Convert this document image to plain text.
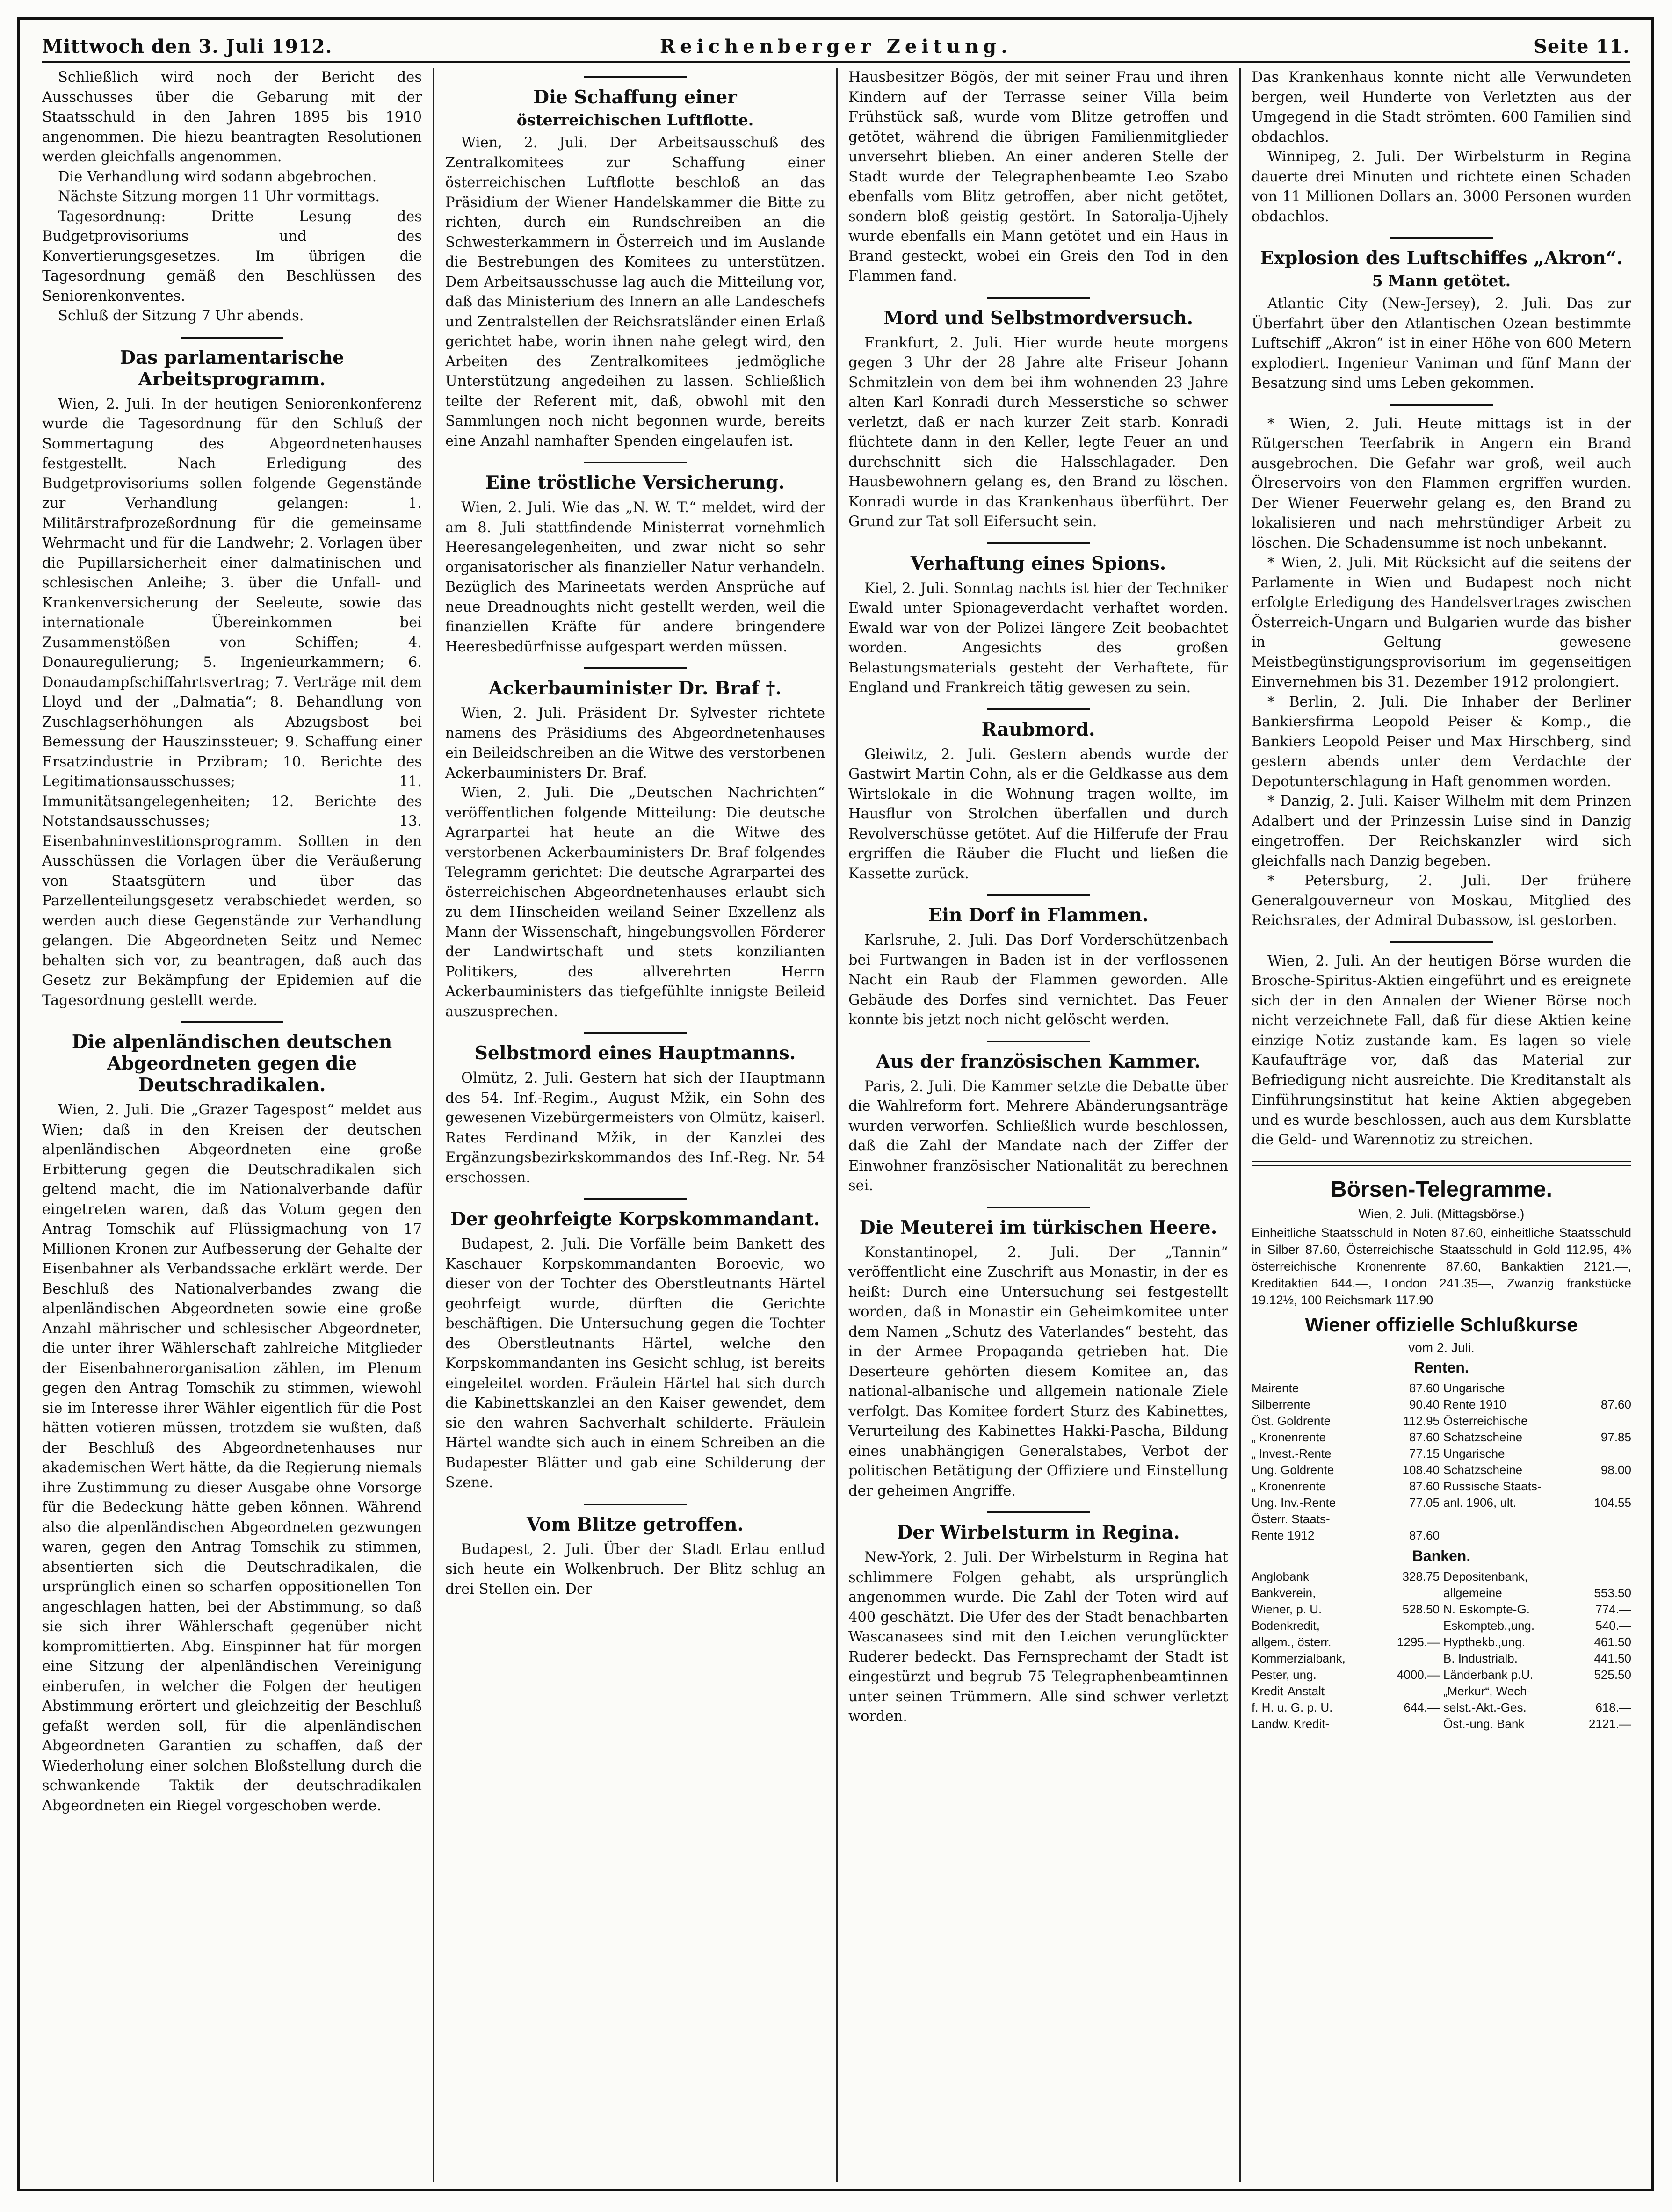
Mittwoch den 3. Juli 1912.	Reichenberger Zeitung.	Seite 11.

Schließlich wird noch der Bericht des Ausschusses über die Gebarung mit der Staatsschuld in den Jahren 1895 bis 1910 angenommen. Die hiezu beantragten Resolutionen werden gleichfalls angenommen.

Die Verhandlung wird sodann abgebrochen.

Nächste Sitzung morgen 11 Uhr vormittags.

Tagesordnung: Dritte Lesung des Budgetprovisoriums und des Konvertierungsgesetzes. Im übrigen die Tagesordnung gemäß den Beschlüssen des Seniorenkonventes.

Schluß der Sitzung 7 Uhr abends.

Das parlamentarische Arbeitsprogramm.

Wien, 2. Juli. In der heutigen Seniorenkonferenz wurde die Tagesordnung für den Schluß der Sommertagung des Abgeordnetenhauses festgestellt. Nach Erledigung des Budgetprovisoriums sollen folgende Gegenstände zur Verhandlung gelangen: 1. Militärstrafprozeßordnung für die gemeinsame Wehrmacht und für die Landwehr; 2. Vorlagen über die Pupillarsicherheit einer dalmatinischen und schlesischen Anleihe; 3. über die Unfall- und Krankenversicherung der Seeleute, sowie das internationale Übereinkommen bei Zusammenstößen von Schiffen; 4. Donauregulierung; 5. Ingenieurkammern; 6. Donaudampfschiffahrtsvertrag; 7. Verträge mit dem Lloyd und der „Dalmatia“; 8. Behandlung von Zuschlagserhöhungen als Abzugsbost bei Bemessung der Hauszinssteuer; 9. Schaffung einer Ersatzindustrie in Przibram; 10. Berichte des Legitimationsausschusses; 11. Immunitätsangelegenheiten; 12. Berichte des Notstandsausschusses; 13. Eisenbahninvestitionsprogramm. Sollten in den Ausschüssen die Vorlagen über die Veräußerung von Staatsgütern und über das Parzellenteilungsgesetz verabschiedet werden, so werden auch diese Gegenstände zur Verhandlung gelangen. Die Abgeordneten Seitz und Nemec behalten sich vor, zu beantragen, daß auch das Gesetz zur Bekämpfung der Epidemien auf die Tagesordnung gestellt werde.

Die alpenländischen deutschen Abgeordneten gegen die Deutschradikalen.

Wien, 2. Juli. Die „Grazer Tagespost“ meldet aus Wien; daß in den Kreisen der deutschen alpenländischen Abgeordneten eine große Erbitterung gegen die Deutschradikalen sich geltend macht, die im Nationalverbande dafür eingetreten waren, daß das Votum gegen den Antrag Tomschik auf Flüssigmachung von 17 Millionen Kronen zur Aufbesserung der Gehalte der Eisenbahner als Verbandssache erklärt werde. Der Beschluß des Nationalverbandes zwang die alpenländischen Abgeordneten sowie eine große Anzahl mährischer und schlesischer Abgeordneter, die unter ihrer Wählerschaft zahlreiche Mitglieder der Eisenbahnerorganisation zählen, im Plenum gegen den Antrag Tomschik zu stimmen, wiewohl sie im Interesse ihrer Wähler eigentlich für die Post hätten votieren müssen, trotzdem sie wußten, daß der Beschluß des Abgeordnetenhauses nur akademischen Wert hätte, da die Regierung niemals ihre Zustimmung zu dieser Ausgabe ohne Vorsorge für die Bedeckung hätte geben können. Während also die alpenländischen Abgeordneten gezwungen waren, gegen den Antrag Tomschik zu stimmen, absentierten sich die Deutschradikalen, die ursprünglich einen so scharfen oppositionellen Ton angeschlagen hatten, bei der Abstimmung, so daß sie sich ihrer Wählerschaft gegenüber nicht kompromittierten. Abg. Einspinner hat für morgen eine Sitzung der alpenländischen Vereinigung einberufen, in welcher die Folgen der heutigen Abstimmung erörtert und gleichzeitig der Beschluß gefaßt werden soll, für die alpenländischen Abgeordneten Garantien zu schaffen, daß der Wiederholung einer solchen Bloßstellung durch die schwankende Taktik der deutschradikalen Abgeordneten ein Riegel vorgeschoben werde.

Die Schaffung einer
österreichischen Luftflotte.

Wien, 2. Juli. Der Arbeitsausschuß des Zentralkomitees zur Schaffung einer österreichischen Luftflotte beschloß an das Präsidium der Wiener Handelskammer die Bitte zu richten, durch ein Rundschreiben an die Schwesterkammern in Österreich und im Auslande die Bestrebungen des Komitees zu unterstützen. Dem Arbeitsausschusse lag auch die Mitteilung vor, daß das Ministerium des Innern an alle Landeschefs und Zentralstellen der Reichsratsländer einen Erlaß gerichtet habe, worin ihnen nahe gelegt wird, den Arbeiten des Zentralkomitees jedmögliche Unterstützung angedeihen zu lassen. Schließlich teilte der Referent mit, daß, obwohl mit den Sammlungen noch nicht begonnen wurde, bereits eine Anzahl namhafter Spenden eingelaufen ist.

Eine tröstliche Versicherung.

Wien, 2. Juli. Wie das „N. W. T.“ meldet, wird der am 8. Juli stattfindende Ministerrat vornehmlich Heeresangelegenheiten, und zwar nicht so sehr organisatorischer als finanzieller Natur verhandeln. Bezüglich des Marineetats werden Ansprüche auf neue Dreadnoughts nicht gestellt werden, weil die finanziellen Kräfte für andere bringendere Heeresbedürfnisse aufgespart werden müssen.

Ackerbauminister Dr. Braf †.

Wien, 2. Juli. Präsident Dr. Sylvester richtete namens des Präsidiums des Abgeordnetenhauses ein Beileidschreiben an die Witwe des verstorbenen Ackerbauministers Dr. Braf.

Wien, 2. Juli. Die „Deutschen Nachrichten“ veröffentlichen folgende Mitteilung: Die deutsche Agrarpartei hat heute an die Witwe des verstorbenen Ackerbauministers Dr. Braf folgendes Telegramm gerichtet: Die deutsche Agrarpartei des österreichischen Abgeordnetenhauses erlaubt sich zu dem Hinscheiden weiland Seiner Exzellenz als Mann der Wissenschaft, hingebungsvollen Förderer der Landwirtschaft und stets konzilianten Politikers, des allverehrten Herrn Ackerbauministers das tiefgefühlte innigste Beileid auszusprechen.

Selbstmord eines Hauptmanns.

Olmütz, 2. Juli. Gestern hat sich der Hauptmann des 54. Inf.-Regim., August Mžik, ein Sohn des gewesenen Vizebürgermeisters von Olmütz, kaiserl. Rates Ferdinand Mžik, in der Kanzlei des Ergänzungsbezirkskommandos des Inf.-Reg. Nr. 54 erschossen.

Der geohrfeigte Korpskommandant.

Budapest, 2. Juli. Die Vorfälle beim Bankett des Kaschauer Korpskommandanten Boroevic, wo dieser von der Tochter des Oberstleutnants Härtel geohrfeigt wurde, dürften die Gerichte beschäftigen. Die Untersuchung gegen die Tochter des Oberstleutnants Härtel, welche den Korpskommandanten ins Gesicht schlug, ist bereits eingeleitet worden. Fräulein Härtel hat sich durch die Kabinettskanzlei an den Kaiser gewendet, dem sie den wahren Sachverhalt schilderte. Fräulein Härtel wandte sich auch in einem Schreiben an die Budapester Blätter und gab eine Schilderung der Szene.

Vom Blitze getroffen.

Budapest, 2. Juli. Über der Stadt Erlau entlud sich heute ein Wolkenbruch. Der Blitz schlug an drei Stellen ein. Der

Hausbesitzer Bögös, der mit seiner Frau und ihren Kindern auf der Terrasse seiner Villa beim Frühstück saß, wurde vom Blitze getroffen und getötet, während die übrigen Familienmitglieder unversehrt blieben. An einer anderen Stelle der Stadt wurde der Telegraphenbeamte Leo Szabo ebenfalls vom Blitz getroffen, aber nicht getötet, sondern bloß geistig gestört. In Satoralja-Ujhely wurde ebenfalls ein Mann getötet und ein Haus in Brand gesteckt, wobei ein Greis den Tod in den Flammen fand.

Mord und Selbstmordversuch.

Frankfurt, 2. Juli. Hier wurde heute morgens gegen 3 Uhr der 28 Jahre alte Friseur Johann Schmitzlein von dem bei ihm wohnenden 23 Jahre alten Karl Konradi durch Messerstiche so schwer verletzt, daß er nach kurzer Zeit starb. Konradi flüchtete dann in den Keller, legte Feuer an und durchschnitt sich die Halsschlagader. Den Hausbewohnern gelang es, den Brand zu löschen. Konradi wurde in das Krankenhaus überführt. Der Grund zur Tat soll Eifersucht sein.

Verhaftung eines Spions.

Kiel, 2. Juli. Sonntag nachts ist hier der Techniker Ewald unter Spionageverdacht verhaftet worden. Ewald war von der Polizei längere Zeit beobachtet worden. Angesichts des großen Belastungsmaterials gesteht der Verhaftete, für England und Frankreich tätig gewesen zu sein.

Raubmord.

Gleiwitz, 2. Juli. Gestern abends wurde der Gastwirt Martin Cohn, als er die Geldkasse aus dem Wirtslokale in die Wohnung tragen wollte, im Hausflur von Strolchen überfallen und durch Revolverschüsse getötet. Auf die Hilferufe der Frau ergriffen die Räuber die Flucht und ließen die Kassette zurück.

Ein Dorf in Flammen.

Karlsruhe, 2. Juli. Das Dorf Vorderschützenbach bei Furtwangen in Baden ist in der verflossenen Nacht ein Raub der Flammen geworden. Alle Gebäude des Dorfes sind vernichtet. Das Feuer konnte bis jetzt noch nicht gelöscht werden.

Aus der französischen Kammer.

Paris, 2. Juli. Die Kammer setzte die Debatte über die Wahlreform fort. Mehrere Abänderungsanträge wurden verworfen. Schließlich wurde beschlossen, daß die Zahl der Mandate nach der Ziffer der Einwohner französischer Nationalität zu berechnen sei.

Die Meuterei im türkischen Heere.

Konstantinopel, 2. Juli. Der „Tannin“ veröffentlicht eine Zuschrift aus Monastir, in der es heißt: Durch eine Untersuchung sei festgestellt worden, daß in Monastir ein Geheimkomitee unter dem Namen „Schutz des Vaterlandes“ besteht, das in der Armee Propaganda getrieben hat. Die Deserteure gehörten diesem Komitee an, das national-albanische und allgemein nationale Ziele verfolgt. Das Komitee fordert Sturz des Kabinettes, Verurteilung des Kabinettes Hakki-Pascha, Bildung eines unabhängigen Generalstabes, Verbot der politischen Betätigung der Offiziere und Einstellung der geheimen Angriffe.

Der Wirbelsturm in Regina.

New-York, 2. Juli. Der Wirbelsturm in Regina hat schlimmere Folgen gehabt, als ursprünglich angenommen wurde. Die Zahl der Toten wird auf 400 geschätzt. Die Ufer des der Stadt benachbarten Wascanasees sind mit den Leichen verunglückter Ruderer bedeckt. Das Fernsprechamt der Stadt ist eingestürzt und begrub 75 Telegraphenbeamtinnen unter seinen Trümmern. Alle sind schwer verletzt worden.

Das Krankenhaus konnte nicht alle Verwundeten bergen, weil Hunderte von Verletzten aus der Umgegend in die Stadt strömten. 600 Familien sind obdachlos.

Winnipeg, 2. Juli. Der Wirbelsturm in Regina dauerte drei Minuten und richtete einen Schaden von 11 Millionen Dollars an. 3000 Personen wurden obdachlos.

Explosion des Luftschiffes „Akron“.
5 Mann getötet.

Atlantic City (New-Jersey), 2. Juli. Das zur Überfahrt über den Atlantischen Ozean bestimmte Luftschiff „Akron“ ist in einer Höhe von 600 Metern explodiert. Ingenieur Vaniman und fünf Mann der Besatzung sind ums Leben gekommen.

* Wien, 2. Juli. Heute mittags ist in der Rütgerschen Teerfabrik in Angern ein Brand ausgebrochen. Die Gefahr war groß, weil auch Ölreservoirs von den Flammen ergriffen wurden. Der Wiener Feuerwehr gelang es, den Brand zu lokalisieren und nach mehrstündiger Arbeit zu löschen. Die Schadensumme ist noch unbekannt.

* Wien, 2. Juli. Mit Rücksicht auf die seitens der Parlamente in Wien und Budapest noch nicht erfolgte Erledigung des Handelsvertrages zwischen Österreich-Ungarn und Bulgarien wurde das bisher in Geltung gewesene Meistbegünstigungsprovisorium im gegenseitigen Einvernehmen bis 31. Dezember 1912 prolongiert.

* Berlin, 2. Juli. Die Inhaber der Berliner Bankiersfirma Leopold Peiser & Komp., die Bankiers Leopold Peiser und Max Hirschberg, sind gestern abends unter dem Verdachte der Depotunterschlagung in Haft genommen worden.

* Danzig, 2. Juli. Kaiser Wilhelm mit dem Prinzen Adalbert und der Prinzessin Luise sind in Danzig eingetroffen. Der Reichskanzler wird sich gleichfalls nach Danzig begeben.

* Petersburg, 2. Juli. Der frühere Generalgouverneur von Moskau, Mitglied des Reichsrates, der Admiral Dubassow, ist gestorben.

Wien, 2. Juli. An der heutigen Börse wurden die Brosche-Spiritus-Aktien eingeführt und es ereignete sich der in den Annalen der Wiener Börse noch nicht verzeichnete Fall, daß für diese Aktien keine einzige Notiz zustande kam. Es lagen so viele Kaufaufträge vor, daß das Material zur Befriedigung nicht ausreichte. Die Kreditanstalt als Einführungsinstitut hat keine Aktien abgegeben und es wurde beschlossen, auch aus dem Kursblatte die Geld- und Warennotiz zu streichen.

Börsen-Telegramme.
Wien, 2. Juli. (Mittagsbörse.)

Einheitliche Staatsschuld in Noten 87.60, einheitliche Staatsschuld in Silber 87.60, Österreichische Staatsschuld in Gold 112.95, 4% österreichische Kronenrente 87.60, Bankaktien 2121.—, Kreditaktien 644.—, London 241.35—, Zwanzig frankstücke 19.12½, 100 Reichsmark 117.90—

Wiener offizielle Schlußkurse
vom 2. Juli.
Renten.
Mairente	87.60 Ungarische
Silberrente	90.40 Rente 1910	87.60
Öst. Goldrente	112.95 Österreichische
„ Kronenrente	87.60 Schatzscheine	97.85
„ Invest.-Rente	77.15 Ungarische
Ung. Goldrente	108.40 Schatzscheine	98.00
„ Kronenrente	87.60 Russische Staats-
Ung. Inv.-Rente	77.05 anl. 1906, ult.	104.55
Österr. Staats-
Rente 1912	87.60
Banken.
Anglobank	328.75 Depositenbank,
Bankverein,	allgemeine	553.50
Wiener, p. U.	528.50 N. Eskompte-G.	774.—
Bodenkredit,	Eskompteb.,ung.	540.—
allgem., österr.	1295.— Hypthekb.,ung.	461.50
Kommerzialbank,	B. Industrialb.	441.50
Pester, ung.	4000.— Länderbank p.U.	525.50
Kredit-Anstalt	„Merkur“, Wech-
f. H. u. G. p. U.	644.— selst.-Akt.-Ges.	618.—
Landw. Kredit-	Öst.-ung. Bank	2121.—
